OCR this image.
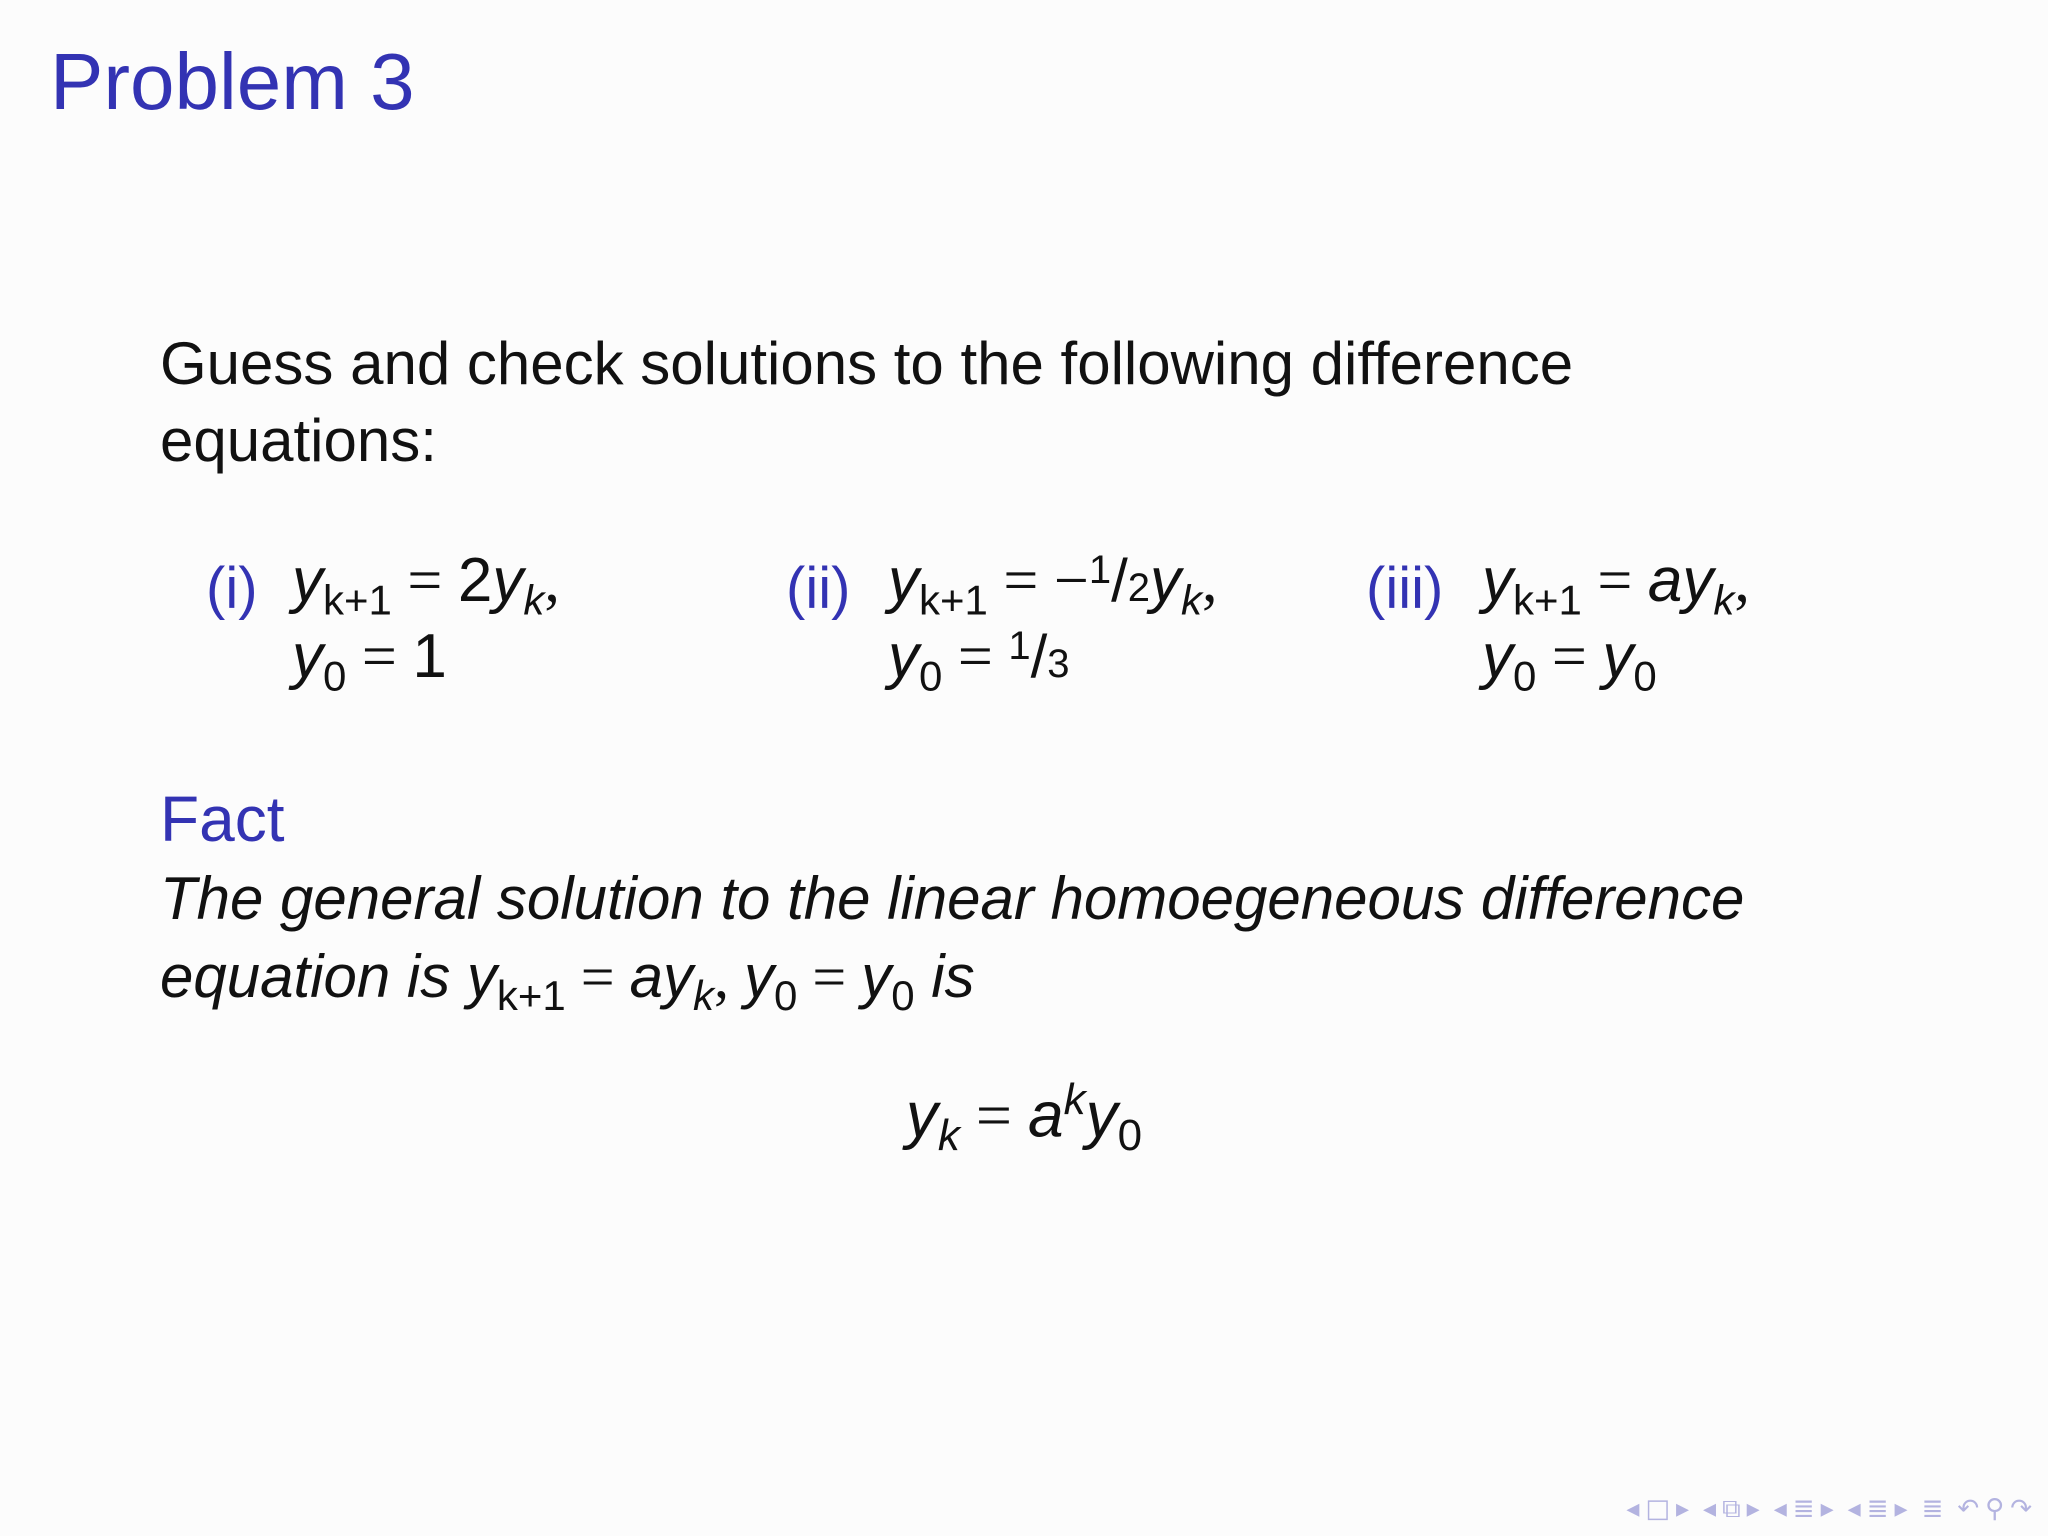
Problem 3
Guess and check solutions to the following difference equations:
(i) $y_{k+1} = 2y_k$,
$y_0 = 1$
(ii) $y_{k+1} = -^1/2y_k$,
$y_0 = ^1/3$
(iii) $y_{k+1} = ay_k$,
$y_0 = y_0$
Fact
The general solution to the linear homoegeneous difference equation is $y_{k+1} = ay_k$, $y_0 = y_0$ is
$y_k = a^ky_0$
◂ □ ▸ ◂ ⧉ ▸ ◂ ≣ ▸ ◂ ≣ ▸ ≣ ↶ ⚲ ↷
